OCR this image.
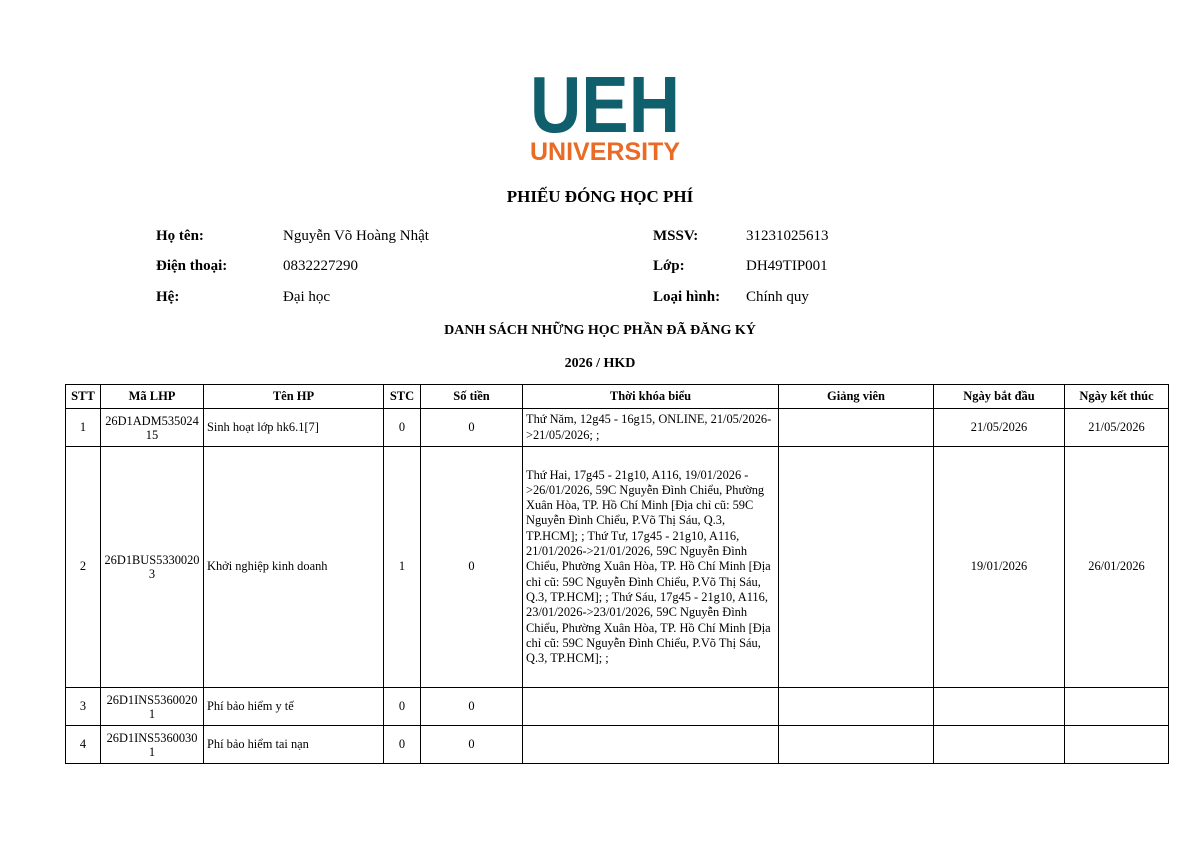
UEH
UNIVERSITY
PHIẾU ĐÓNG HỌC PHÍ
Họ tên:	Nguyễn Võ Hoàng Nhật	MSSV:	31231025613
Điện thoại:	0832227290	Lớp:	DH49TIP001
Hệ:	Đại học	Loại hình: Chính quy
DANH SÁCH NHỮNG HỌC PHẦN ĐÃ ĐĂNG KÝ
2026 / HKD
STT	Mã LHP	Tên HP	STC	Số tiền	Thời khóa biểu	Giảng viên	Ngày bắt đầu	Ngày kết thúc
1	26D1ADM53502415	Sinh hoạt lớp hk6.1[7]	0	0	Thứ Năm, 12g45 - 16g15, ONLINE, 21/05/2026->21/05/2026; ;		21/05/2026	21/05/2026
2	26D1BUS53300203	Khởi nghiệp kinh doanh	1	0	Thứ Hai, 17g45 - 21g10, A116, 19/01/2026 ->26/01/2026, 59C Nguyễn Đình Chiểu, Phường Xuân Hòa, TP. Hồ Chí Minh [Địa chỉ cũ: 59C Nguyễn Đình Chiểu, P.Võ Thị Sáu, Q.3, TP.HCM]; ; Thứ Tư, 17g45 - 21g10, A116, 21/01/2026->21/01/2026, 59C Nguyễn Đình Chiểu, Phường Xuân Hòa, TP. Hồ Chí Minh [Địa chỉ cũ: 59C Nguyễn Đình Chiểu, P.Võ Thị Sáu, Q.3, TP.HCM]; ; Thứ Sáu, 17g45 - 21g10, A116, 23/01/2026->23/01/2026, 59C Nguyễn Đình Chiểu, Phường Xuân Hòa, TP. Hồ Chí Minh [Địa chỉ cũ: 59C Nguyễn Đình Chiểu, P.Võ Thị Sáu, Q.3, TP.HCM]; ;		19/01/2026	26/01/2026
3	26D1INS53600201	Phí bảo hiểm y tế	0	0				
4	26D1INS53600301	Phí bảo hiểm tai nạn	0	0				
